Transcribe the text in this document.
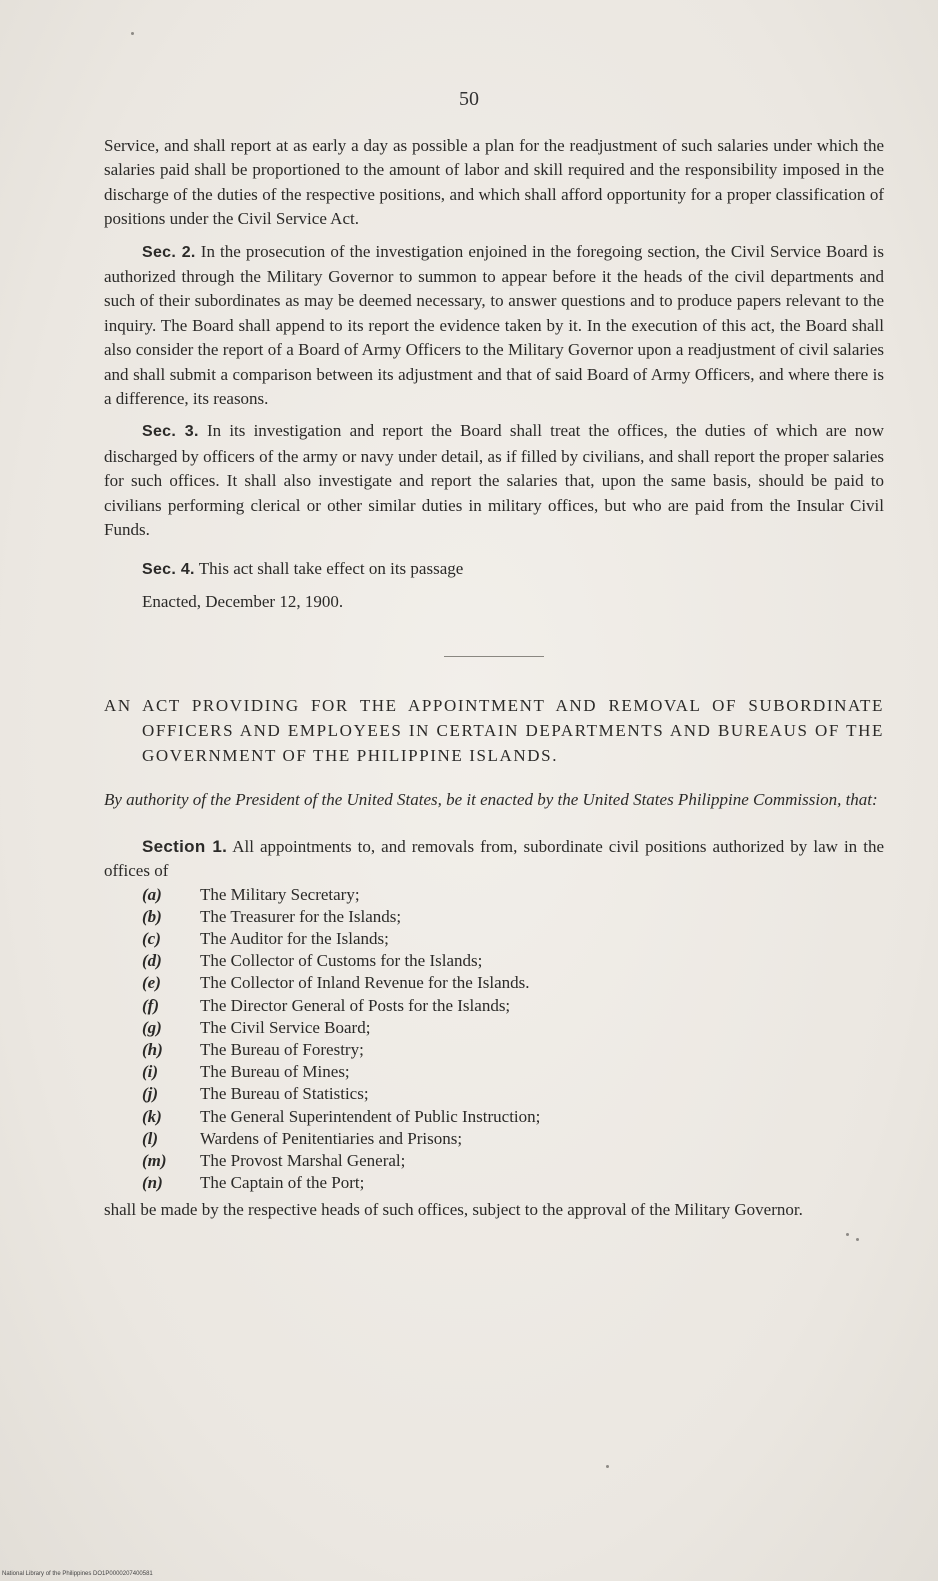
50

Service, and shall report at as early a day as possible a plan for the readjustment of such salaries under which the salaries paid shall be proportioned to the amount of labor and skill required and the responsibility imposed in the discharge of the duties of the respective positions, and which shall afford opportunity for a proper classification of positions under the Civil Service Act.

Sec. 2. In the prosecution of the investigation enjoined in the foregoing section, the Civil Service Board is authorized through the Military Governor to summon to appear before it the heads of the civil departments and such of their subordinates as may be deemed necessary, to answer questions and to produce papers relevant to the inquiry. The Board shall append to its report the evidence taken by it. In the execution of this act, the Board shall also consider the report of a Board of Army Officers to the Military Governor upon a readjustment of civil salaries and shall submit a comparison between its adjustment and that of said Board of Army Officers, and where there is a difference, its reasons.

Sec. 3. In its investigation and report the Board shall treat the offices, the duties of which are now discharged by officers of the army or navy under detail, as if filled by civilians, and shall report the proper salaries for such offices. It shall also investigate and report the salaries that, upon the same basis, should be paid to civilians performing clerical or other similar duties in military offices, but who are paid from the Insular Civil Funds.

Sec. 4. This act shall take effect on its passage

Enacted, December 12, 1900.

AN ACT PROVIDING FOR THE APPOINTMENT AND REMOVAL OF SUBORDINATE OFFICERS AND EMPLOYEES IN CERTAIN DEPARTMENTS AND BUREAUS OF THE GOVERNMENT OF THE PHILIPPINE ISLANDS.

By authority of the President of the United States, be it enacted by the United States Philippine Commission, that:

Section 1. All appointments to, and removals from, subordinate civil positions authorized by law in the offices of

(a)	The Military Secretary;
(b)	The Treasurer for the Islands;
(c)	The Auditor for the Islands;
(d)	The Collector of Customs for the Islands;
(e)	The Collector of Inland Revenue for the Islands.
(f)	The Director General of Posts for the Islands;
(g)	The Civil Service Board;
(h)	The Bureau of Forestry;
(i)	The Bureau of Mines;
(j)	The Bureau of Statistics;
(k)	The General Superintendent of Public Instruction;
(l)	Wardens of Penitentiaries and Prisons;
(m)	The Provost Marshal General;
(n)	The Captain of the Port;

shall be made by the respective heads of such offices, subject to the approval of the Military Governor.

National Library of the Philippines DO1P0000207400581
